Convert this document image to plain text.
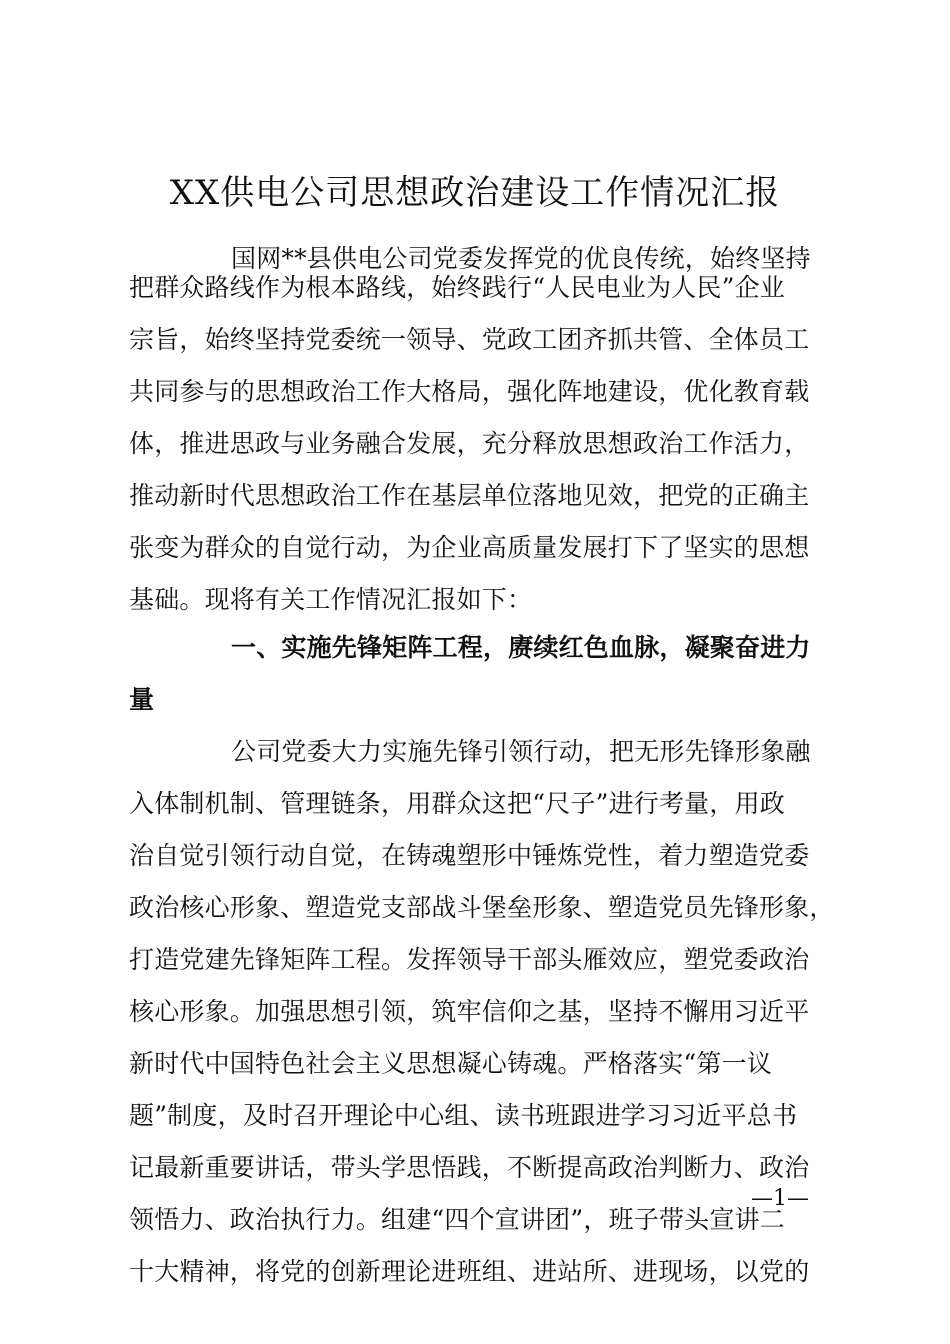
XX供电公司思想政治建设工作情况汇报
国网**县供电公司党委发挥党的优良传统，始终坚持
把群众路线作为根本路线，始终践行“人民电业为人民”企业
宗旨，始终坚持党委统一领导、党政工团齐抓共管、全体员工
共同参与的思想政治工作大格局，强化阵地建设，优化教育载
体，推进思政与业务融合发展，充分释放思想政治工作活力，
推动新时代思想政治工作在基层单位落地见效，把党的正确主
张变为群众的自觉行动，为企业高质量发展打下了坚实的思想
基础。现将有关工作情况汇报如下：
一、实施先锋矩阵工程，赓续红色血脉，凝聚奋进力
量
公司党委大力实施先锋引领行动，把无形先锋形象融
入体制机制、管理链条，用群众这把“尺子”进行考量，用政
治自觉引领行动自觉，在铸魂塑形中锤炼党性，着力塑造党委
政治核心形象、塑造党支部战斗堡垒形象、塑造党员先锋形象，
打造党建先锋矩阵工程。发挥领导干部头雁效应，塑党委政治
核心形象。加强思想引领，筑牢信仰之基，坚持不懈用习近平
新时代中国特色社会主义思想凝心铸魂。严格落实“第一议
题”制度，及时召开理论中心组、读书班跟进学习习近平总书
记最新重要讲话，带头学思悟践，不断提高政治判断力、政治
领悟力、政治执行力。组建“四个宣讲团”，班子带头宣讲二
十大精神，将党的创新理论进班组、进站所、进现场，以党的
—1—
